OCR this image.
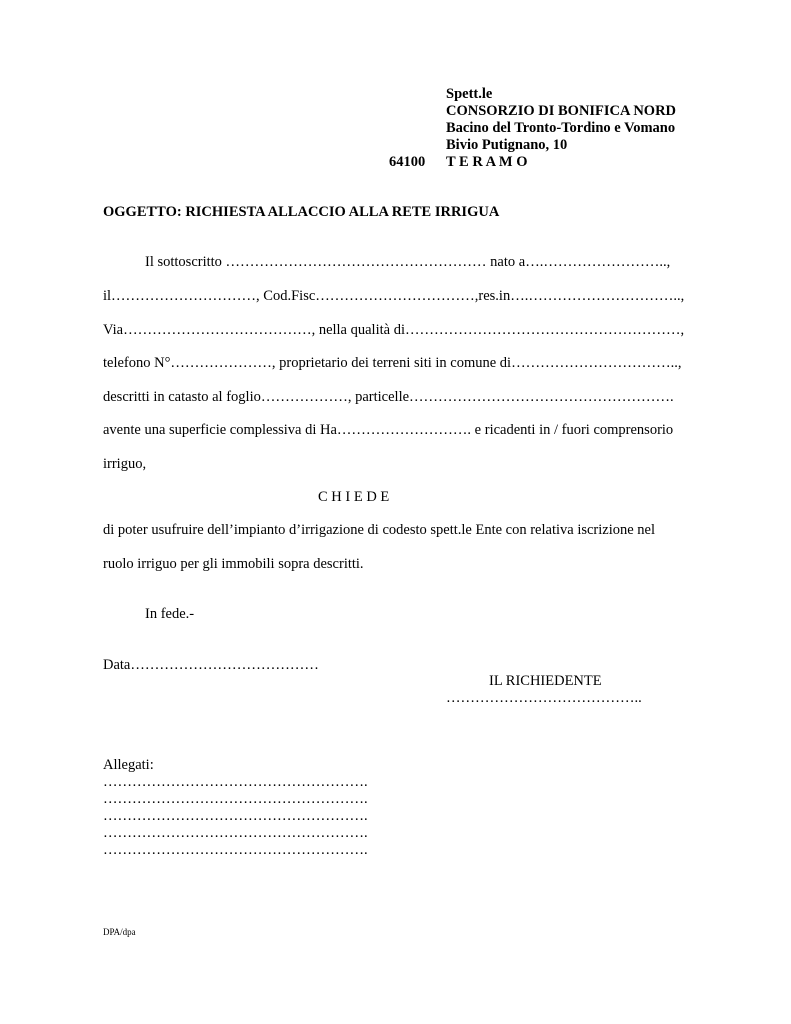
Spett.le
CONSORZIO DI BONIFICA NORD
Bacino del Tronto-Tordino e Vomano
Bivio Putignano, 10
64100 T E R A M O
OGGETTO: RICHIESTA ALLACCIO ALLA RETE IRRIGUA
Il sottoscritto ……………………………………………… nato a….……………………..,
il…………………………, Cod.Fisc……………………………,res.in….…………………………..,
Via…………………………………, nella qualità di…………………………………………………,
telefono N°…………………, proprietario dei terreni siti in comune di……………………………..,
descritti in catasto al foglio………………, particelle……………………………………………….
avente una superficie complessiva di Ha………………………. e ricadenti in / fuori comprensorio
irriguo,
C H I E D E
di poter usufruire dell’impianto d’irrigazione di codesto spett.le Ente con relativa iscrizione nel
ruolo irriguo per gli immobili sopra descritti.
In fede.-
Data…………………………………
IL RICHIEDENTE
…………………………………..
Allegati:
……………………………………………….
……………………………………………….
……………………………………………….
……………………………………………….
……………………………………………….
DPA/dpa
